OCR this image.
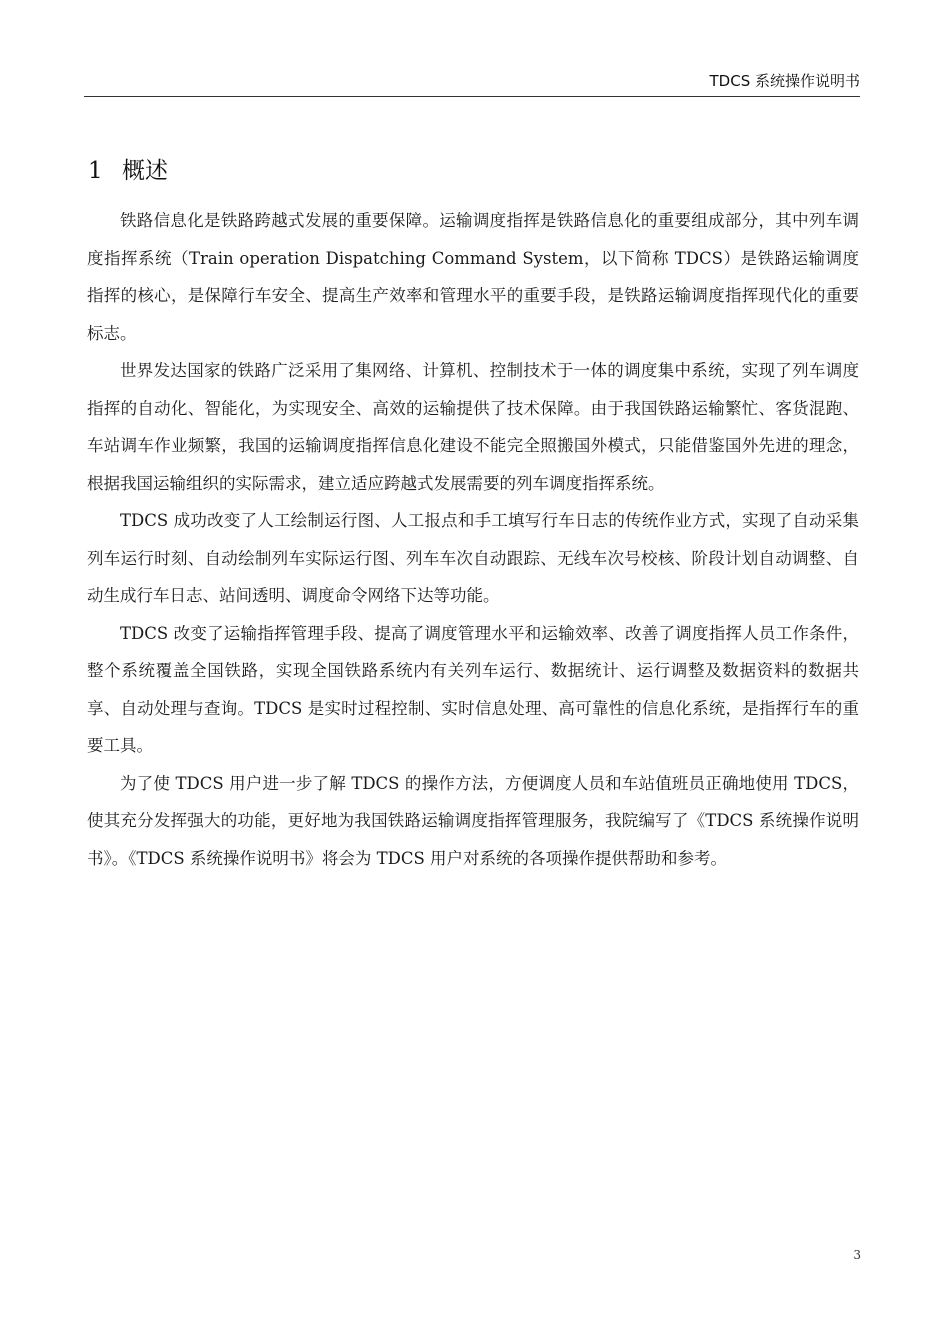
TDCS 系统操作说明书
1 概述

铁路信息化是铁路跨越式发展的重要保障。运输调度指挥是铁路信息化的重要组成部分，其中列车调度指挥系统（Train operation Dispatching Command System，以下简称 TDCS）是铁路运输调度指挥的核心，是保障行车安全、提高生产效率和管理水平的重要手段，是铁路运输调度指挥现代化的重要标志。

世界发达国家的铁路广泛采用了集网络、计算机、控制技术于一体的调度集中系统，实现了列车调度指挥的自动化、智能化，为实现安全、高效的运输提供了技术保障。由于我国铁路运输繁忙、客货混跑、车站调车作业频繁，我国的运输调度指挥信息化建设不能完全照搬国外模式，只能借鉴国外先进的理念，根据我国运输组织的实际需求，建立适应跨越式发展需要的列车调度指挥系统。

TDCS 成功改变了人工绘制运行图、人工报点和手工填写行车日志的传统作业方式，实现了自动采集列车运行时刻、自动绘制列车实际运行图、列车车次自动跟踪、无线车次号校核、阶段计划自动调整、自动生成行车日志、站间透明、调度命令网络下达等功能。

TDCS 改变了运输指挥管理手段、提高了调度管理水平和运输效率、改善了调度指挥人员工作条件，整个系统覆盖全国铁路，实现全国铁路系统内有关列车运行、数据统计、运行调整及数据资料的数据共享、自动处理与查询。TDCS 是实时过程控制、实时信息处理、高可靠性的信息化系统，是指挥行车的重要工具。

为了使 TDCS 用户进一步了解 TDCS 的操作方法，方便调度人员和车站值班员正确地使用 TDCS，使其充分发挥强大的功能，更好地为我国铁路运输调度指挥管理服务，我院编写了《TDCS 系统操作说明书》。《TDCS 系统操作说明书》将会为 TDCS 用户对系统的各项操作提供帮助和参考。

3
